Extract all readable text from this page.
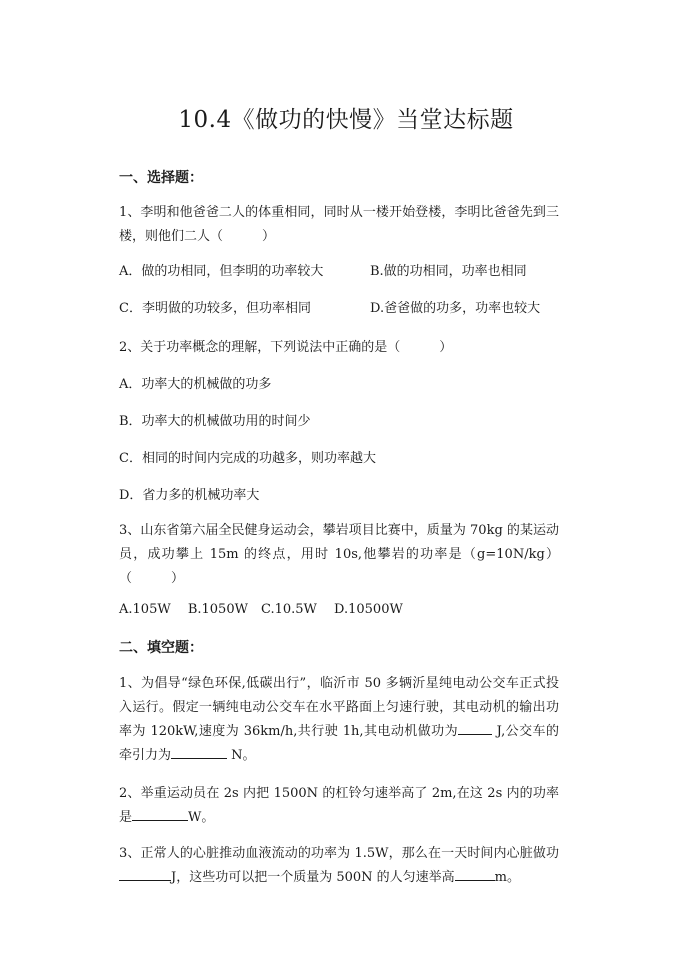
10.4《做功的快慢》当堂达标题
一、选择题：
1、李明和他爸爸二人的体重相同，同时从一楼开始登楼，李明比爸爸先到三楼，则他们二人（　　　）
A．做的功相同，但李明的功率较大	B.做的功相同，功率也相同
C．李明做的功较多，但功率相同	D.爸爸做的功多，功率也较大
2、关于功率概念的理解，下列说法中正确的是（　　　）
A．功率大的机械做的功多
B．功率大的机械做功用的时间少
C．相同的时间内完成的功越多，则功率越大
D．省力多的机械功率大
3、山东省第六届全民健身运动会，攀岩项目比赛中，质量为 70kg 的某运动员，成功攀上 15m 的终点，用时 10s,他攀岩的功率是（g=10N/kg）（　　　）
A.105W　 B.1050W　C.10.5W　 D.10500W
二、填空题：
1、为倡导“绿色环保,低碳出行”，临沂市 50 多辆沂星纯电动公交车正式投入运行。假定一辆纯电动公交车在水平路面上匀速行驶，其电动机的输出功率为 120kW,速度为 36km/h,共行驶 1h,其电动机做功为	J,公交车的牵引力为	N。
2、举重运动员在 2s 内把 1500N 的杠铃匀速举高了 2m,在这 2s 内的功率是	W。
3、正常人的心脏推动血液流动的功率为 1.5W，那么在一天时间内心脏做功J，这些功可以把一个质量为 500N 的人匀速举高	m。
